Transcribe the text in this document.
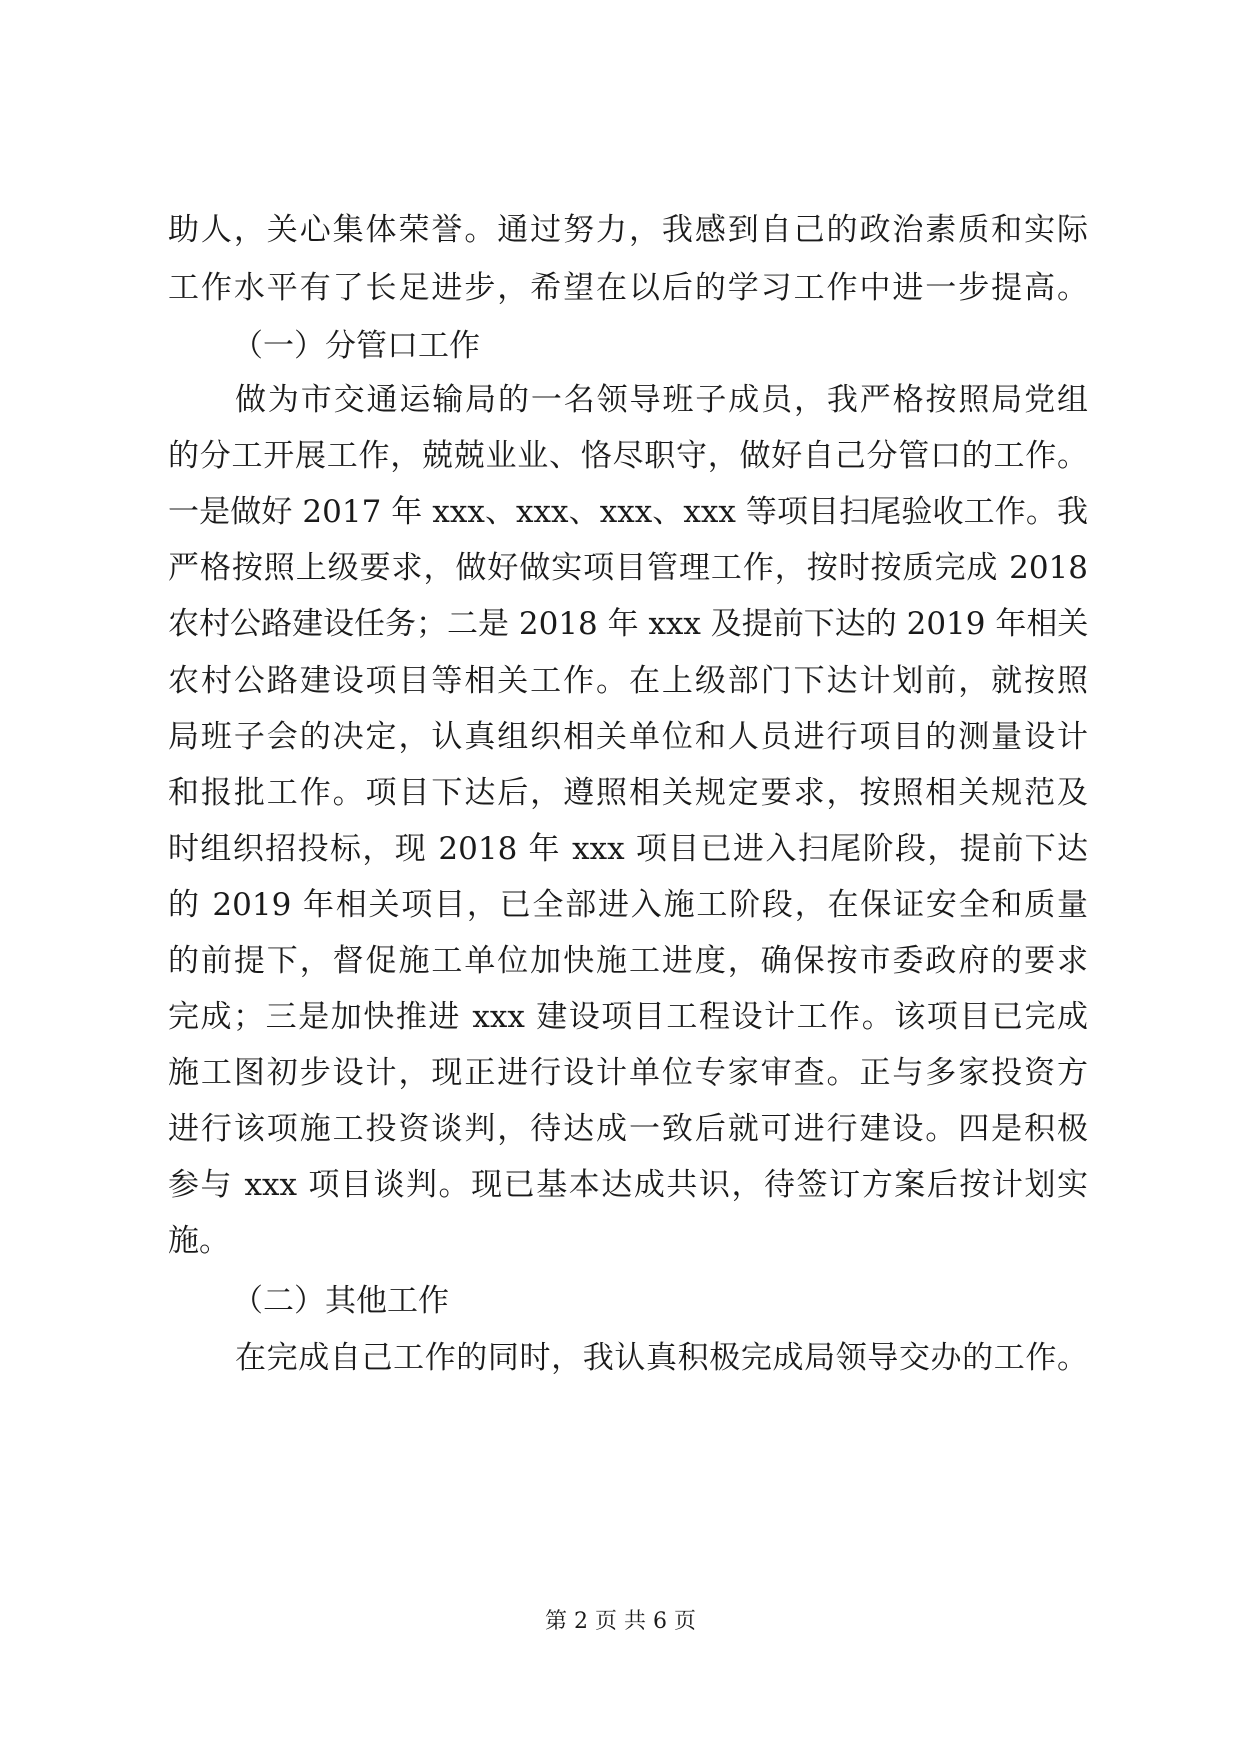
助人，关心集体荣誉。通过努力，我感到自己的政治素质和实际
工作水平有了长足进步，希望在以后的学习工作中进一步提高。
（一）分管口工作
做为市交通运输局的一名领导班子成员，我严格按照局党组
的分工开展工作，兢兢业业、恪尽职守，做好自己分管口的工作。
一是做好 2017 年 xxx、xxx、xxx、xxx 等项目扫尾验收工作。我
严格按照上级要求，做好做实项目管理工作，按时按质完成 2018
农村公路建设任务；二是 2018 年 xxx 及提前下达的 2019 年相关
农村公路建设项目等相关工作。在上级部门下达计划前，就按照
局班子会的决定，认真组织相关单位和人员进行项目的测量设计
和报批工作。项目下达后，遵照相关规定要求，按照相关规范及
时组织招投标，现 2018 年 xxx 项目已进入扫尾阶段，提前下达
的 2019 年相关项目，已全部进入施工阶段，在保证安全和质量
的前提下，督促施工单位加快施工进度，确保按市委政府的要求
完成；三是加快推进 xxx 建设项目工程设计工作。该项目已完成
施工图初步设计，现正进行设计单位专家审查。正与多家投资方
进行该项施工投资谈判，待达成一致后就可进行建设。四是积极
参与 xxx 项目谈判。现已基本达成共识，待签订方案后按计划实
施。
（二）其他工作
在完成自己工作的同时，我认真积极完成局领导交办的工作。
第 2 页 共 6 页
